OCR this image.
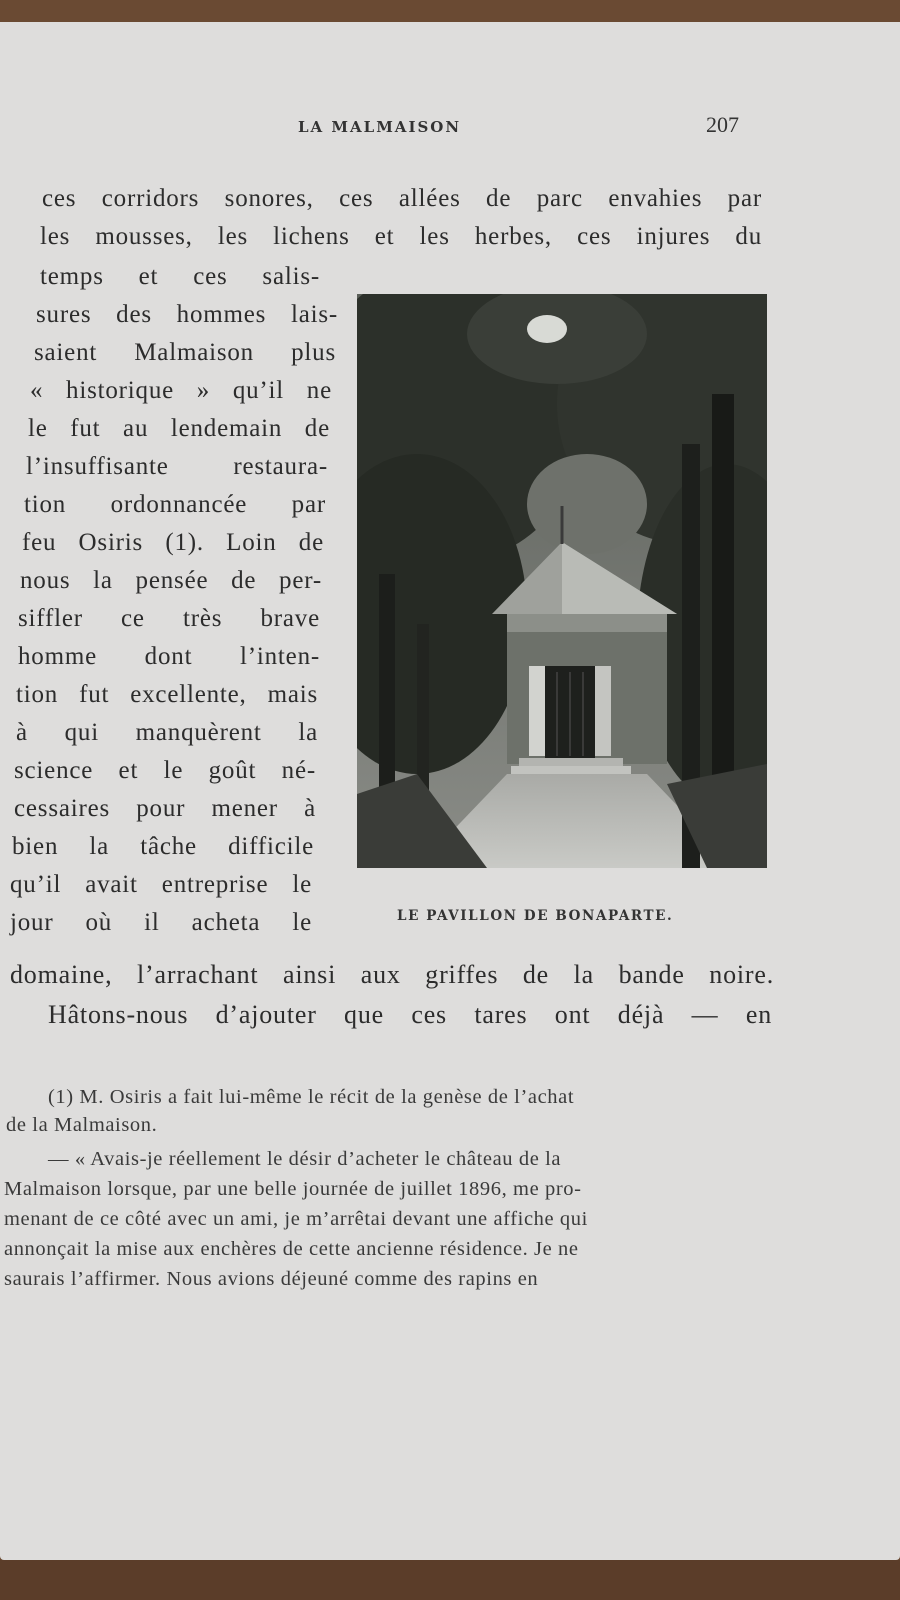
LA MALMAISON	207
ces corridors sonores, ces allées de parc envahies par
les mousses, les lichens et les herbes, ces injures du
temps et ces salis-
sures des hommes lais-
saient Malmaison plus
« historique » qu’il ne
le fut au lendemain de
l’insuffisante restaura-
tion ordonnancée par
feu Osiris (1). Loin de
nous la pensée de per-
siffler ce très brave
homme dont l’inten-
tion fut excellente, mais
à qui manquèrent la
science et le goût né-
cessaires pour mener à
bien la tâche difficile
qu’il avait entreprise le
jour où il acheta le
domaine, l’arrachant ainsi aux griffes de la bande noire.
Hâtons-nous d’ajouter que ces tares ont déjà — en
LE PAVILLON DE BONAPARTE.
(1) M. Osiris a fait lui-même le récit de la genèse de l’achat
de la Malmaison.
— « Avais-je réellement le désir d’acheter le château de la
Malmaison lorsque, par une belle journée de juillet 1896, me pro-
menant de ce côté avec un ami, je m’arrêtai devant une affiche qui
annonçait la mise aux enchères de cette ancienne résidence. Je ne
saurais l’affirmer. Nous avions déjeuné comme des rapins en
